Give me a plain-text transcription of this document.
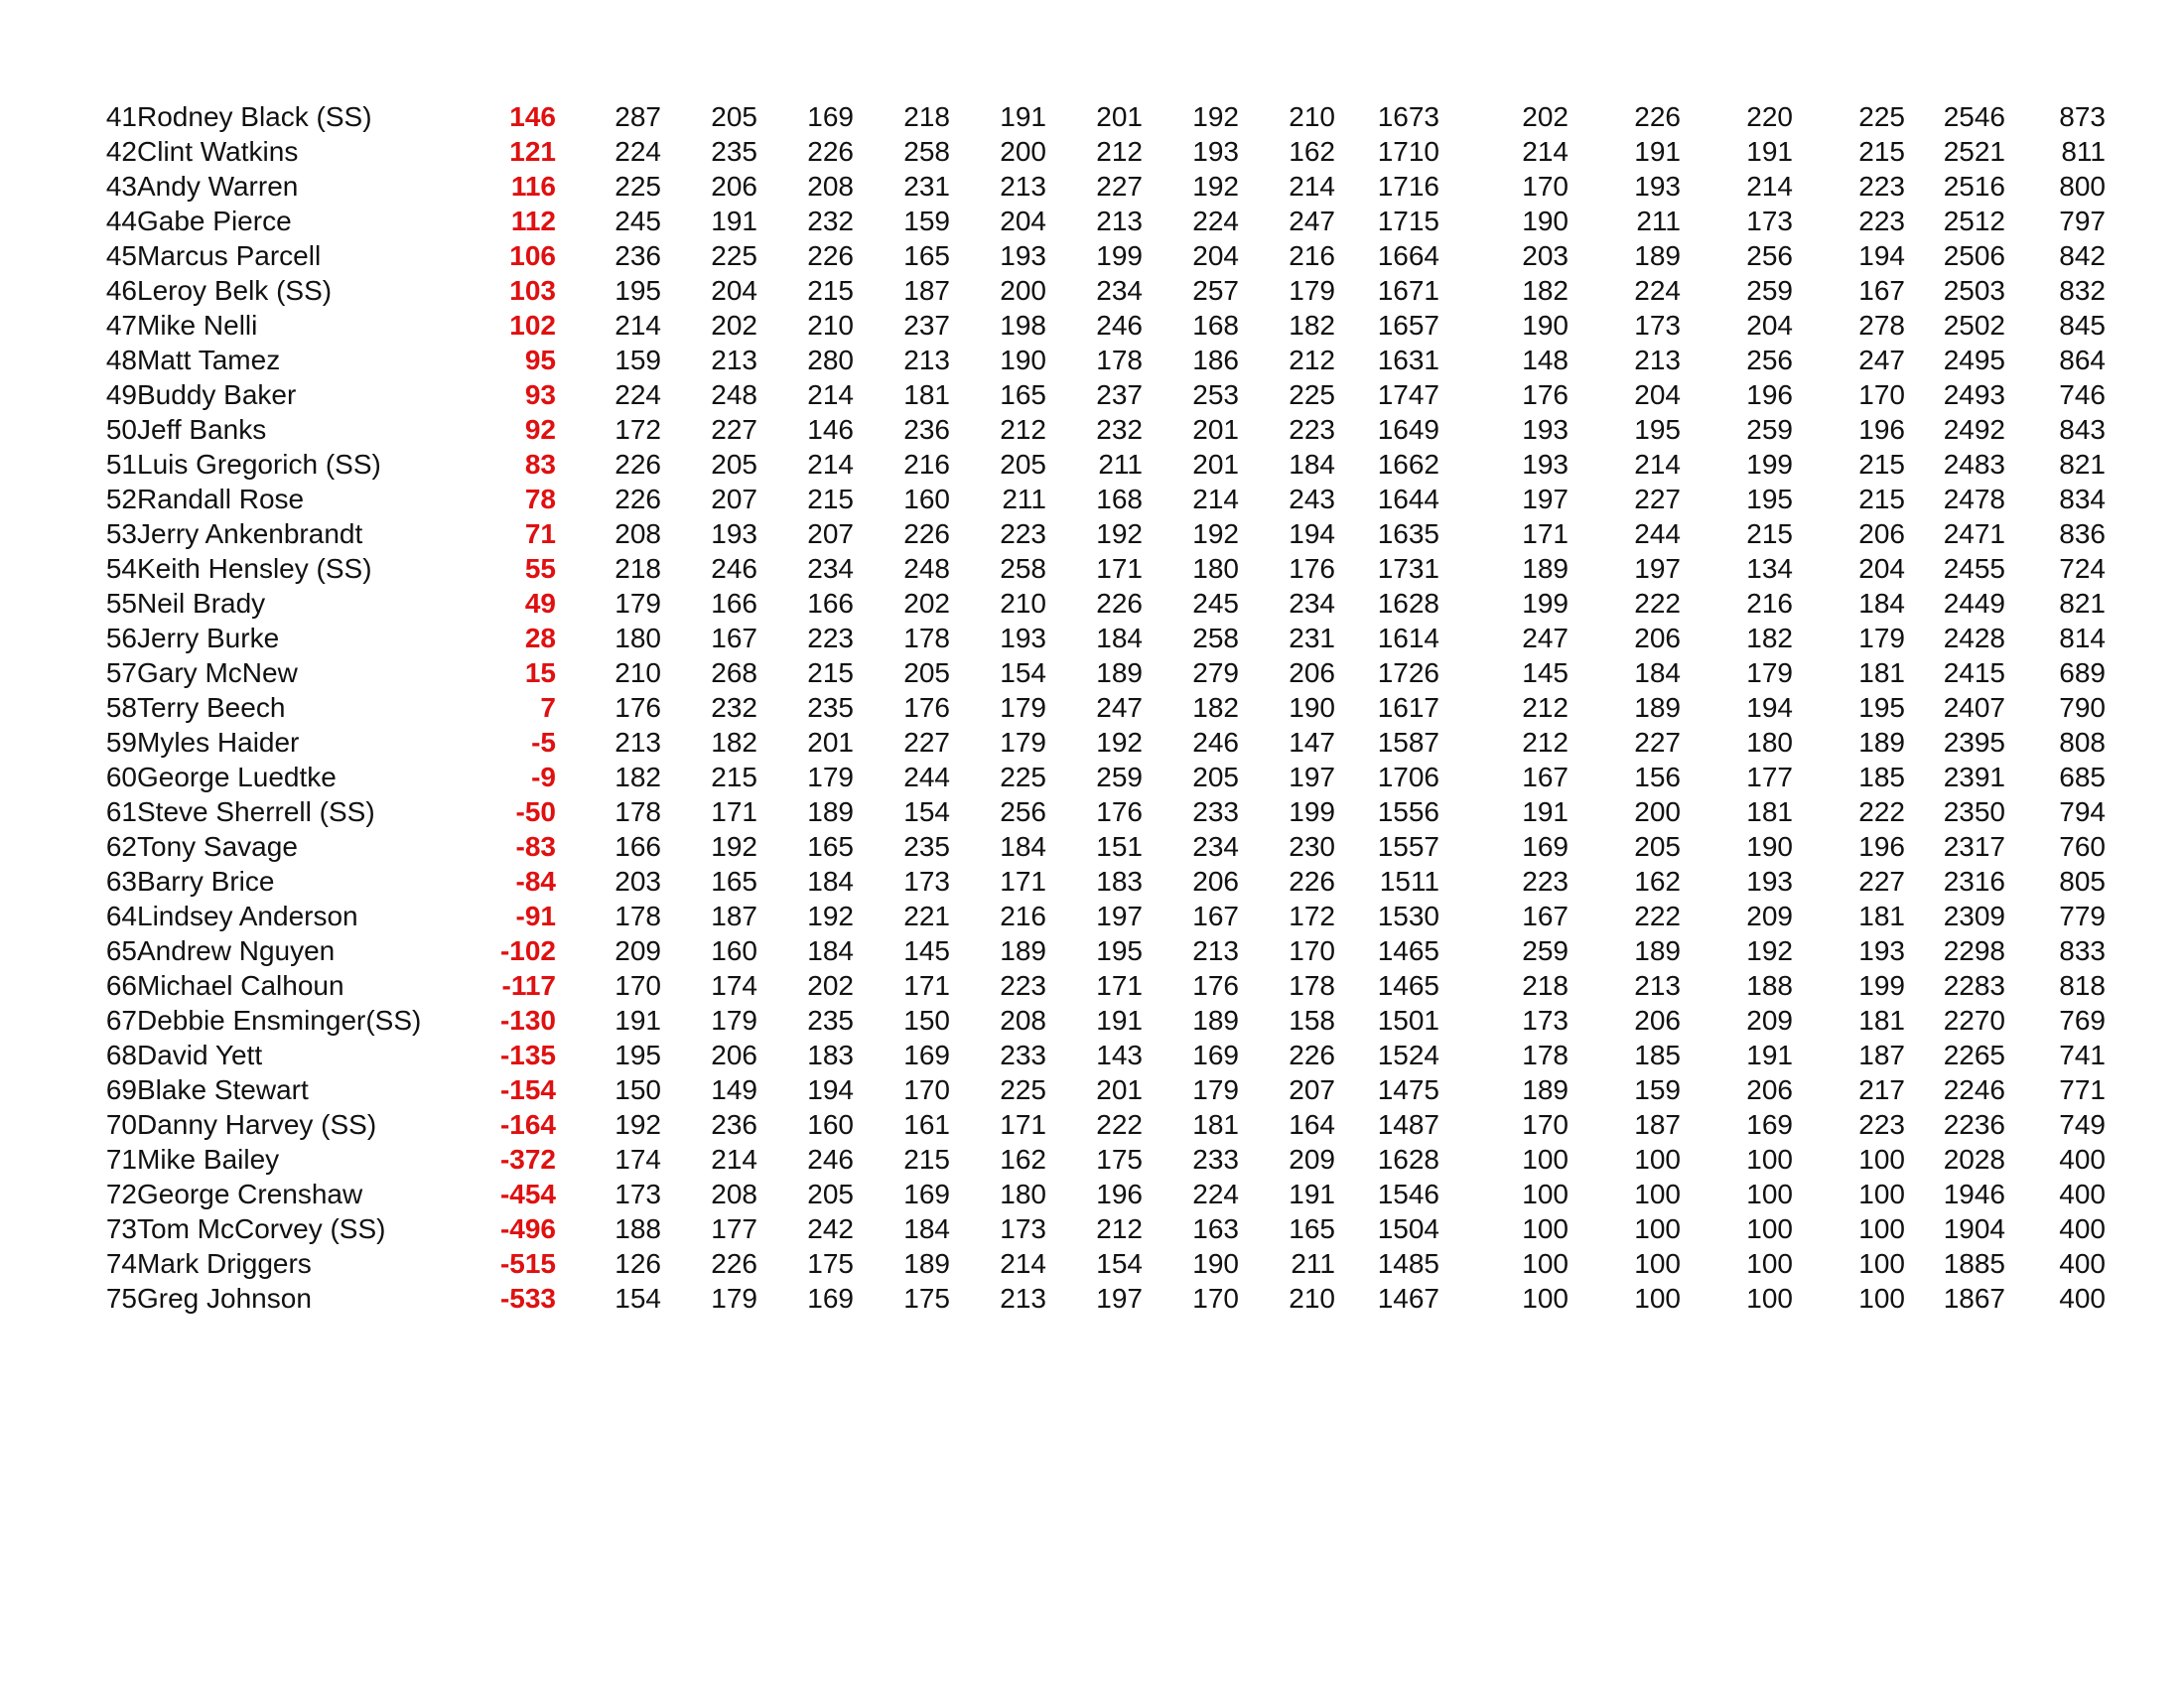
41 Rodney Black (SS)	146	287	205	169	218	191	201	192	210	1673	202	226	220	225	2546	873
42 Clint Watkins	121	224	235	226	258	200	212	193	162	1710	214	191	191	215	2521	811
43 Andy Warren	116	225	206	208	231	213	227	192	214	1716	170	193	214	223	2516	800
44 Gabe Pierce	112	245	191	232	159	204	213	224	247	1715	190	211	173	223	2512	797
45 Marcus Parcell	106	236	225	226	165	193	199	204	216	1664	203	189	256	194	2506	842
46 Leroy Belk (SS)	103	195	204	215	187	200	234	257	179	1671	182	224	259	167	2503	832
47 Mike Nelli	102	214	202	210	237	198	246	168	182	1657	190	173	204	278	2502	845
48 Matt Tamez	95	159	213	280	213	190	178	186	212	1631	148	213	256	247	2495	864
49 Buddy Baker	93	224	248	214	181	165	237	253	225	1747	176	204	196	170	2493	746
50 Jeff Banks	92	172	227	146	236	212	232	201	223	1649	193	195	259	196	2492	843
51 Luis Gregorich (SS)	83	226	205	214	216	205	211	201	184	1662	193	214	199	215	2483	821
52 Randall Rose	78	226	207	215	160	211	168	214	243	1644	197	227	195	215	2478	834
53 Jerry Ankenbrandt	71	208	193	207	226	223	192	192	194	1635	171	244	215	206	2471	836
54 Keith Hensley (SS)	55	218	246	234	248	258	171	180	176	1731	189	197	134	204	2455	724
55 Neil Brady	49	179	166	166	202	210	226	245	234	1628	199	222	216	184	2449	821
56 Jerry Burke	28	180	167	223	178	193	184	258	231	1614	247	206	182	179	2428	814
57 Gary McNew	15	210	268	215	205	154	189	279	206	1726	145	184	179	181	2415	689
58 Terry Beech	7	176	232	235	176	179	247	182	190	1617	212	189	194	195	2407	790
59 Myles Haider	-5	213	182	201	227	179	192	246	147	1587	212	227	180	189	2395	808
60 George Luedtke	-9	182	215	179	244	225	259	205	197	1706	167	156	177	185	2391	685
61 Steve Sherrell (SS)	-50	178	171	189	154	256	176	233	199	1556	191	200	181	222	2350	794
62 Tony Savage	-83	166	192	165	235	184	151	234	230	1557	169	205	190	196	2317	760
63 Barry Brice	-84	203	165	184	173	171	183	206	226	1511	223	162	193	227	2316	805
64 Lindsey Anderson	-91	178	187	192	221	216	197	167	172	1530	167	222	209	181	2309	779
65 Andrew Nguyen	-102	209	160	184	145	189	195	213	170	1465	259	189	192	193	2298	833
66 Michael Calhoun	-117	170	174	202	171	223	171	176	178	1465	218	213	188	199	2283	818
67 Debbie Ensminger(SS)	-130	191	179	235	150	208	191	189	158	1501	173	206	209	181	2270	769
68 David Yett	-135	195	206	183	169	233	143	169	226	1524	178	185	191	187	2265	741
69 Blake Stewart	-154	150	149	194	170	225	201	179	207	1475	189	159	206	217	2246	771
70 Danny Harvey (SS)	-164	192	236	160	161	171	222	181	164	1487	170	187	169	223	2236	749
71 Mike Bailey	-372	174	214	246	215	162	175	233	209	1628	100	100	100	100	2028	400
72 George Crenshaw	-454	173	208	205	169	180	196	224	191	1546	100	100	100	100	1946	400
73 Tom McCorvey (SS)	-496	188	177	242	184	173	212	163	165	1504	100	100	100	100	1904	400
74 Mark Driggers	-515	126	226	175	189	214	154	190	211	1485	100	100	100	100	1885	400
75 Greg Johnson	-533	154	179	169	175	213	197	170	210	1467	100	100	100	100	1867	400
